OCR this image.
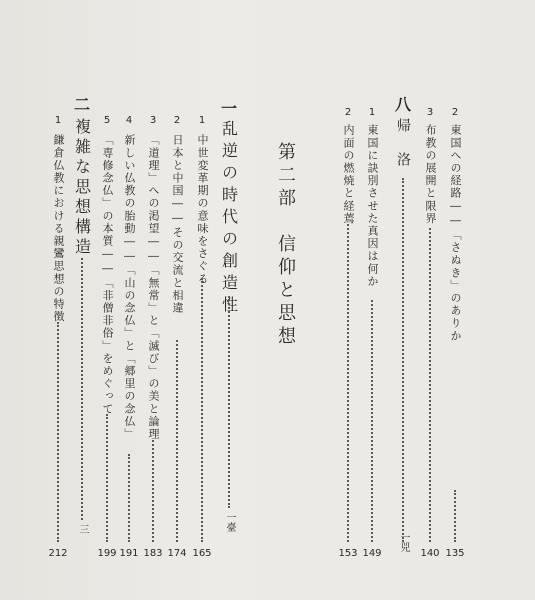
2
東国への経路――「さぬき」のありか
135
3
布教の展開と限界
140
八
帰　洛
一兕
1
東国に訣別させた真因は何か
149
2
内面の燃焼と経蔫
153
第二部　信仰と思想
一
乱逆の時代の創造性
一臺
1
中世変革期の意味をさぐる
165
2
日本と中国――その交流と相違
174
3
「道理」への渇望――「無常」と「滅び」の美と論理
183
4
新しい仏教の胎動――「山の念仏」と「郷里の念仏」
191
5
「専修念仏」の本質――「非僧非俗」をめぐって
199
二
複雑な思想構造
三
1
鎌倉仏教における親鸞思想の特徴
212
